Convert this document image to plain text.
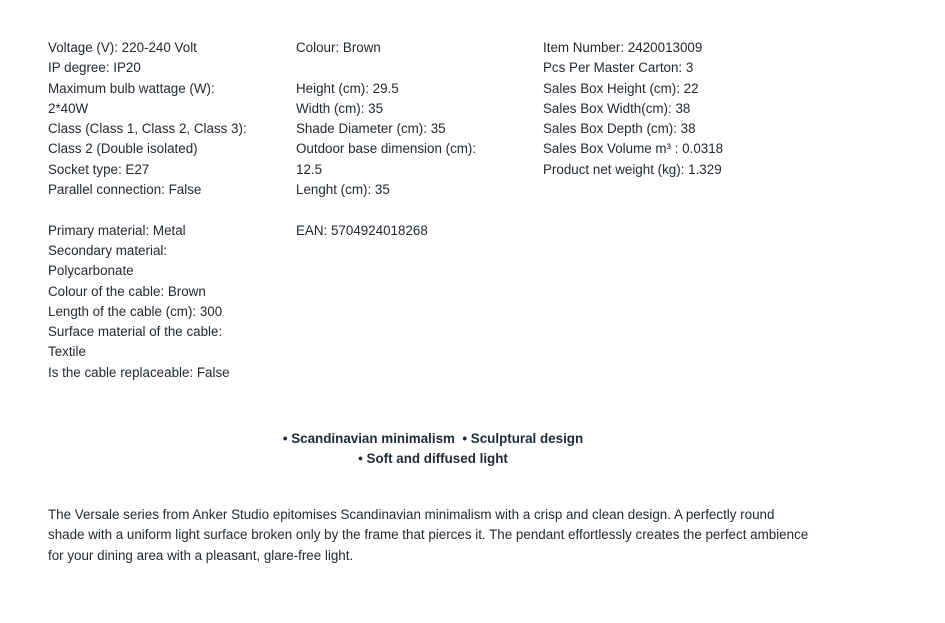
Voltage (V): 220-240 Volt
IP degree: IP20
Maximum bulb wattage (W):
2*40W
Class (Class 1, Class 2, Class 3):
Class 2 (Double isolated)
Socket type: E27
Parallel connection: False
Primary material: Metal
Secondary material:
Polycarbonate
Colour of the cable: Brown
Length of the cable (cm): 300
Surface material of the cable:
Textile
Is the cable replaceable: False
Colour: Brown
Height (cm): 29.5
Width (cm): 35
Shade Diameter (cm): 35
Outdoor base dimension (cm):
12.5
Lenght (cm): 35
EAN: 5704924018268
Item Number: 2420013009
Pcs Per Master Carton: 3
Sales Box Height (cm): 22
Sales Box Width(cm): 38
Sales Box Depth (cm): 38
Sales Box Volume m³ : 0.0318
Product net weight (kg): 1.329
• Scandinavian minimalism  • Sculptural design
• Soft and diffused light
The Versale series from Anker Studio epitomises Scandinavian minimalism with a crisp and clean design. A perfectly round
shade with a uniform light surface broken only by the frame that pierces it. The pendant effortlessly creates the perfect ambience
for your dining area with a pleasant, glare-free light.
